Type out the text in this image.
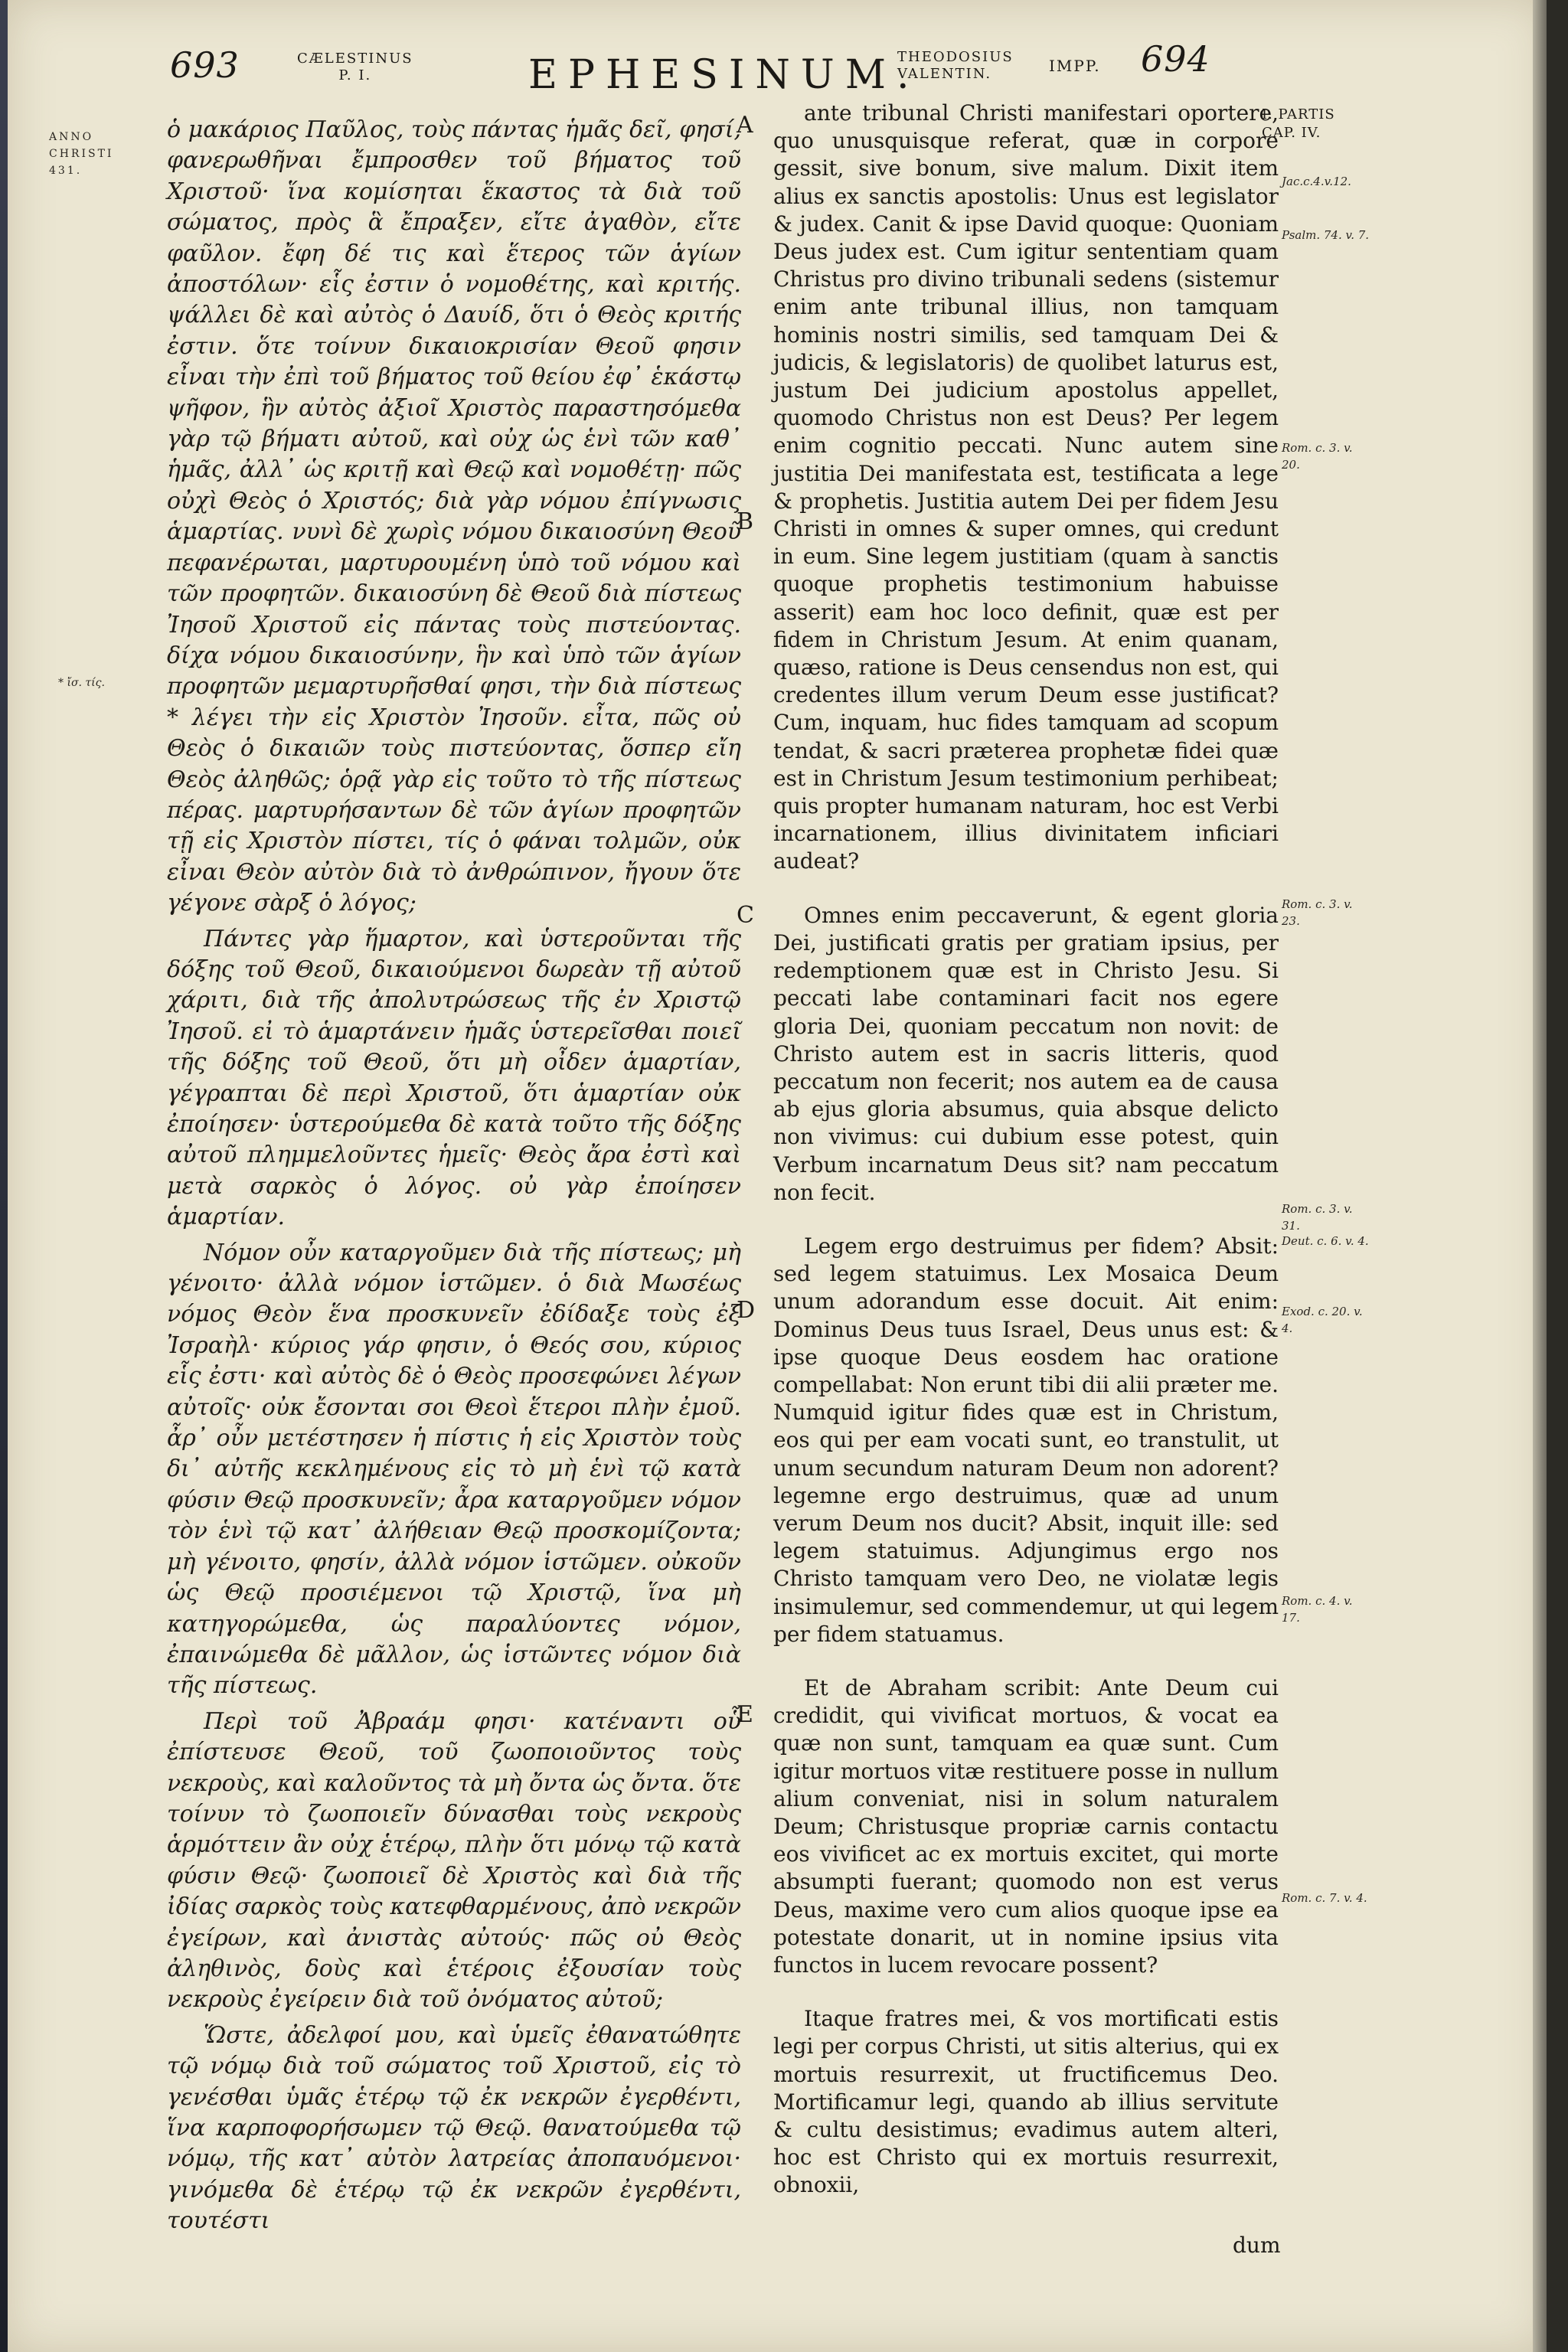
693	CÆLESTINUS
P. I.	EPHESINUM.
THEODOSIUS
VALENTIN.	IMPP. 694
ANNO
CHRISTI
431.
* ἴσ. τίς.
I. PARTIS
CAP. IV.
A
B
C
D
E

ὁ μακάριος Παῦλος, τοὺς πάντας ἡμᾶς δεῖ, φησί, φανερωθῆναι ἔμπροσθεν τοῦ βήματος τοῦ Χριστοῦ· ἵνα κομίσηται ἕκαστος τὰ διὰ τοῦ σώματος, πρὸς ἃ ἔπραξεν, εἴτε ἀγαθὸν, εἴτε φαῦλον. ἔφη δέ τις καὶ ἕτερος τῶν ἁγίων ἀποστόλων· εἷς ἐστιν ὁ νομοθέτης, καὶ κριτής. ψάλλει δὲ καὶ αὐτὸς ὁ Δαυίδ, ὅτι ὁ Θεὸς κριτής ἐστιν. ὅτε τοίνυν δικαιοκρισίαν Θεοῦ φησιν εἶναι τὴν ἐπὶ τοῦ βήματος τοῦ θείου ἐφ᾽ ἑκάστῳ ψῆφον, ἣν αὐτὸς ἀξιοῖ Χριστὸς παραστησόμεθα γὰρ τῷ βήματι αὐτοῦ, καὶ οὐχ ὡς ἑνὶ τῶν καθ᾽ ἡμᾶς, ἀλλ᾽ ὡς κριτῇ καὶ Θεῷ καὶ νομοθέτῃ· πῶς οὐχὶ Θεὸς ὁ Χριστός; διὰ γὰρ νόμου ἐπίγνωσις ἁμαρτίας. νυνὶ δὲ χωρὶς νόμου δικαιοσύνη Θεοῦ πεφανέρωται, μαρτυρουμένη ὑπὸ τοῦ νόμου καὶ τῶν προφητῶν. δικαιοσύνη δὲ Θεοῦ διὰ πίστεως Ἰησοῦ Χριστοῦ εἰς πάντας τοὺς πιστεύοντας. δίχα νόμου δικαιοσύνην, ἣν καὶ ὑπὸ τῶν ἁγίων προφητῶν μεμαρτυρῆσθαί φησι, τὴν διὰ πίστεως * λέγει τὴν εἰς Χριστὸν Ἰησοῦν. εἶτα, πῶς οὐ Θεὸς ὁ δικαιῶν τοὺς πιστεύοντας, ὅσπερ εἴη Θεὸς ἀληθῶς; ὁρᾷ γὰρ εἰς τοῦτο τὸ τῆς πίστεως πέρας. μαρτυρήσαντων δὲ τῶν ἁγίων προφητῶν τῇ εἰς Χριστὸν πίστει, τίς ὁ φάναι τολμῶν, οὐκ εἶναι Θεὸν αὐτὸν διὰ τὸ ἀνθρώπινον, ἤγουν ὅτε γέγονε σὰρξ ὁ λόγος;

Πάντες γὰρ ἥμαρτον, καὶ ὑστεροῦνται τῆς δόξης τοῦ Θεοῦ, δικαιούμενοι δωρεὰν τῇ αὐτοῦ χάριτι, διὰ τῆς ἀπολυτρώσεως τῆς ἐν Χριστῷ Ἰησοῦ. εἰ τὸ ἁμαρτάνειν ἡμᾶς ὑστερεῖσθαι ποιεῖ τῆς δόξης τοῦ Θεοῦ, ὅτι μὴ οἶδεν ἁμαρτίαν, γέγραπται δὲ περὶ Χριστοῦ, ὅτι ἁμαρτίαν οὐκ ἐποίησεν· ὑστερούμεθα δὲ κατὰ τοῦτο τῆς δόξης αὐτοῦ πλημμελοῦντες ἡμεῖς· Θεὸς ἄρα ἐστὶ καὶ μετὰ σαρκὸς ὁ λόγος. οὐ γὰρ ἐποίησεν ἁμαρτίαν.

Νόμον οὖν καταργοῦμεν διὰ τῆς πίστεως; μὴ γένοιτο· ἀλλὰ νόμον ἱστῶμεν. ὁ διὰ Μωσέως νόμος Θεὸν ἕνα προσκυνεῖν ἐδίδαξε τοὺς ἐξ Ἰσραὴλ· κύριος γάρ φησιν, ὁ Θεός σου, κύριος εἷς ἐστι· καὶ αὐτὸς δὲ ὁ Θεὸς προσεφώνει λέγων αὐτοῖς· οὐκ ἔσονται σοι Θεοὶ ἕτεροι πλὴν ἐμοῦ. ἆρ᾽ οὖν μετέστησεν ἡ πίστις ἡ εἰς Χριστὸν τοὺς δι᾽ αὐτῆς κεκλημένους εἰς τὸ μὴ ἑνὶ τῷ κατὰ φύσιν Θεῷ προσκυνεῖν; ἆρα καταργοῦμεν νόμον τὸν ἑνὶ τῷ κατ᾽ ἀλήθειαν Θεῷ προσκομίζοντα; μὴ γένοιτο, φησίν, ἀλλὰ νόμον ἱστῶμεν. οὐκοῦν ὡς Θεῷ προσιέμενοι τῷ Χριστῷ, ἵνα μὴ κατηγορώμεθα, ὡς παραλύοντες νόμον, ἐπαινώμεθα δὲ μᾶλλον, ὡς ἱστῶντες νόμον διὰ τῆς πίστεως.

Περὶ τοῦ Ἀβραάμ φησι· κατέναντι οὗ ἐπίστευσε Θεοῦ, τοῦ ζωοποιοῦντος τοὺς νεκροὺς, καὶ καλοῦντος τὰ μὴ ὄντα ὡς ὄντα. ὅτε τοίνυν τὸ ζωοποιεῖν δύνασθαι τοὺς νεκροὺς ἁρμόττειν ἂν οὐχ ἑτέρῳ, πλὴν ὅτι μόνῳ τῷ κατὰ φύσιν Θεῷ· ζωοποιεῖ δὲ Χριστὸς καὶ διὰ τῆς ἰδίας σαρκὸς τοὺς κατεφθαρμένους, ἀπὸ νεκρῶν ἐγείρων, καὶ ἀνιστὰς αὐτούς· πῶς οὐ Θεὸς ἀληθινὸς, δοὺς καὶ ἑτέροις ἐξουσίαν τοὺς νεκροὺς ἐγείρειν διὰ τοῦ ὀνόματος αὐτοῦ;

Ὥστε, ἀδελφοί μου, καὶ ὑμεῖς ἐθανατώθητε τῷ νόμῳ διὰ τοῦ σώματος τοῦ Χριστοῦ, εἰς τὸ γενέσθαι ὑμᾶς ἑτέρῳ τῷ ἐκ νεκρῶν ἐγερθέντι, ἵνα καρποφορήσωμεν τῷ Θεῷ. θανατούμεθα τῷ νόμῳ, τῆς κατ᾽ αὐτὸν λατρείας ἀποπαυόμενοι· γινόμεθα δὲ ἑτέρῳ τῷ ἐκ νεκρῶν ἐγερθέντι, τουτέστι

ante tribunal Christi manifestari oportere, quo unusquisque referat, quæ in corpore gessit, sive bonum, sive malum. Dixit item alius ex sanctis apostolis: Unus est legislator & judex. Canit & ipse David quoque: Quoniam Deus judex est. Cum igitur sententiam quam Christus pro divino tribunali sedens (sistemur enim ante tribunal illius, non tamquam hominis nostri similis, sed tamquam Dei & judicis, & legislatoris) de quolibet laturus est, justum Dei judicium apostolus appellet, quomodo Christus non est Deus? Per legem enim cognitio peccati. Nunc autem sine justitia Dei manifestata est, testificata a lege & prophetis. Justitia autem Dei per fidem Jesu Christi in omnes & super omnes, qui credunt in eum. Sine legem justitiam (quam à sanctis quoque prophetis testimonium habuisse asserit) eam hoc loco definit, quæ est per fidem in Christum Jesum. At enim quanam, quæso, ratione is Deus censendus non est, qui credentes illum verum Deum esse justificat? Cum, inquam, huc fides tamquam ad scopum tendat, & sacri præterea prophetæ fidei quæ est in Christum Jesum testimonium perhibeat; quis propter humanam naturam, hoc est Verbi incarnationem, illius divinitatem inficiari audeat?

Omnes enim peccaverunt, & egent gloria Dei, justificati gratis per gratiam ipsius, per redemptionem quæ est in Christo Jesu. Si peccati labe contaminari facit nos egere gloria Dei, quoniam peccatum non novit: de Christo autem est in sacris litteris, quod peccatum non fecerit; nos autem ea de causa ab ejus gloria absumus, quia absque delicto non vivimus: cui dubium esse potest, quin Verbum incarnatum Deus sit? nam peccatum non fecit.

Legem ergo destruimus per fidem? Absit: sed legem statuimus. Lex Mosaica Deum unum adorandum esse docuit. Ait enim: Dominus Deus tuus Israel, Deus unus est: & ipse quoque Deus eosdem hac oratione compellabat: Non erunt tibi dii alii præter me. Numquid igitur fides quæ est in Christum, eos qui per eam vocati sunt, eo transtulit, ut unum secundum naturam Deum non adorent? legemne ergo destruimus, quæ ad unum verum Deum nos ducit? Absit, inquit ille: sed legem statuimus. Adjungimus ergo nos Christo tamquam vero Deo, ne violatæ legis insimulemur, sed commendemur, ut qui legem per fidem statuamus.

Et de Abraham scribit: Ante Deum cui credidit, qui vivificat mortuos, & vocat ea quæ non sunt, tamquam ea quæ sunt. Cum igitur mortuos vitæ restituere posse in nullum alium conveniat, nisi in solum naturalem Deum; Christusque propriæ carnis contactu eos vivificet ac ex mortuis excitet, qui morte absumpti fuerant; quomodo non est verus Deus, maxime vero cum alios quoque ipse ea potestate donarit, ut in nomine ipsius vita functos in lucem revocare possent?

Itaque fratres mei, & vos mortificati estis legi per corpus Christi, ut sitis alterius, qui ex mortuis resurrexit, ut fructificemus Deo. Mortificamur legi, quando ab illius servitute & cultu desistimus; evadimus autem alteri, hoc est Christo qui ex mortuis resurrexit, obnoxii,

Jac.c.4.v.12.
Psalm. 74. v. 7.
Rom. c. 3. v. 20.
Rom. c. 3. v. 23.
Rom. c. 3. v. 31.
Deut. c. 6. v. 4.
Exod. c. 20. v. 4.
Rom. c. 4. v. 17.
Rom. c. 7. v. 4.
dum
